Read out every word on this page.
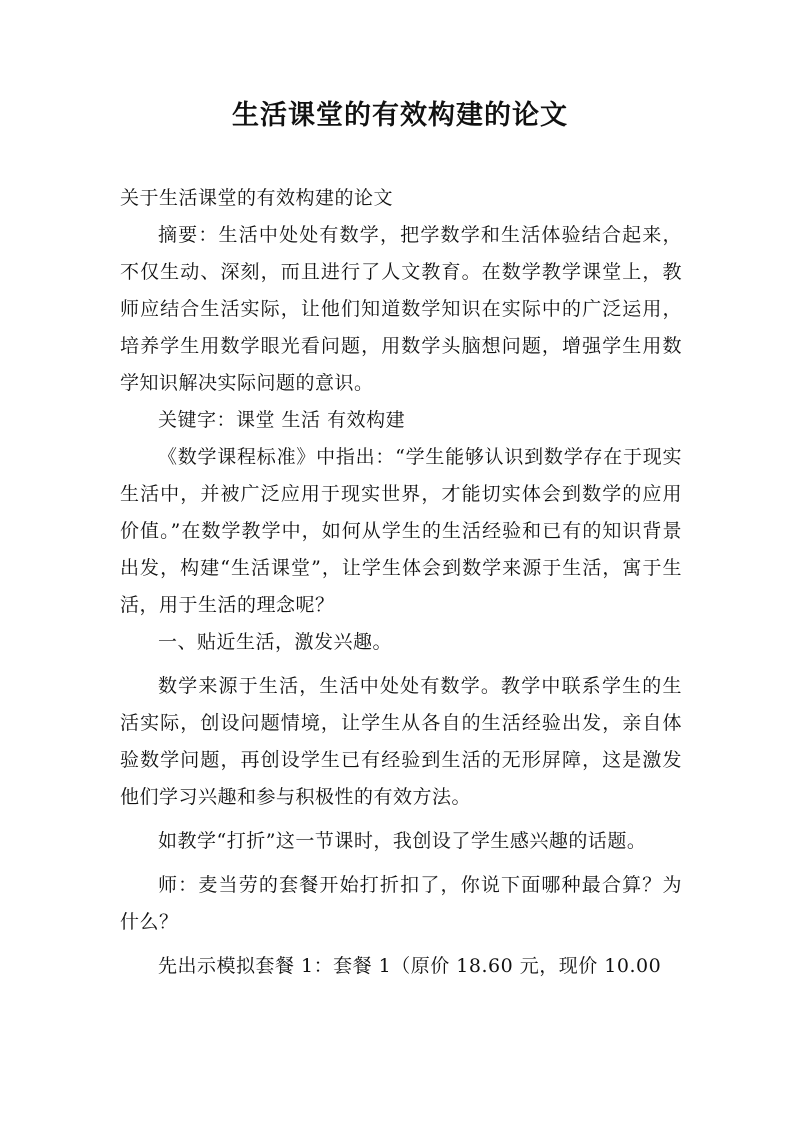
生活课堂的有效构建的论文

关于生活课堂的有效构建的论文

摘要：生活中处处有数学，把学数学和生活体验结合起来，不仅生动、深刻，而且进行了人文教育。在数学教学课堂上，教师应结合生活实际，让他们知道数学知识在实际中的广泛运用，培养学生用数学眼光看问题，用数学头脑想问题，增强学生用数学知识解决实际问题的意识。

关键字：课堂 生活 有效构建

《数学课程标准》中指出：“学生能够认识到数学存在于现实生活中，并被广泛应用于现实世界，才能切实体会到数学的应用价值。”在数学教学中，如何从学生的生活经验和已有的知识背景出发，构建“生活课堂”，让学生体会到数学来源于生活，寓于生活，用于生活的理念呢？

一、贴近生活，激发兴趣。

数学来源于生活，生活中处处有数学。教学中联系学生的生活实际，创设问题情境，让学生从各自的生活经验出发，亲自体验数学问题，再创设学生已有经验到生活的无形屏障，这是激发他们学习兴趣和参与积极性的有效方法。

如教学“打折”这一节课时，我创设了学生感兴趣的话题。

师：麦当劳的套餐开始打折扣了，你说下面哪种最合算？为什么？

先出示模拟套餐 1：套餐 1（原价 18.60 元，现价 10.00
